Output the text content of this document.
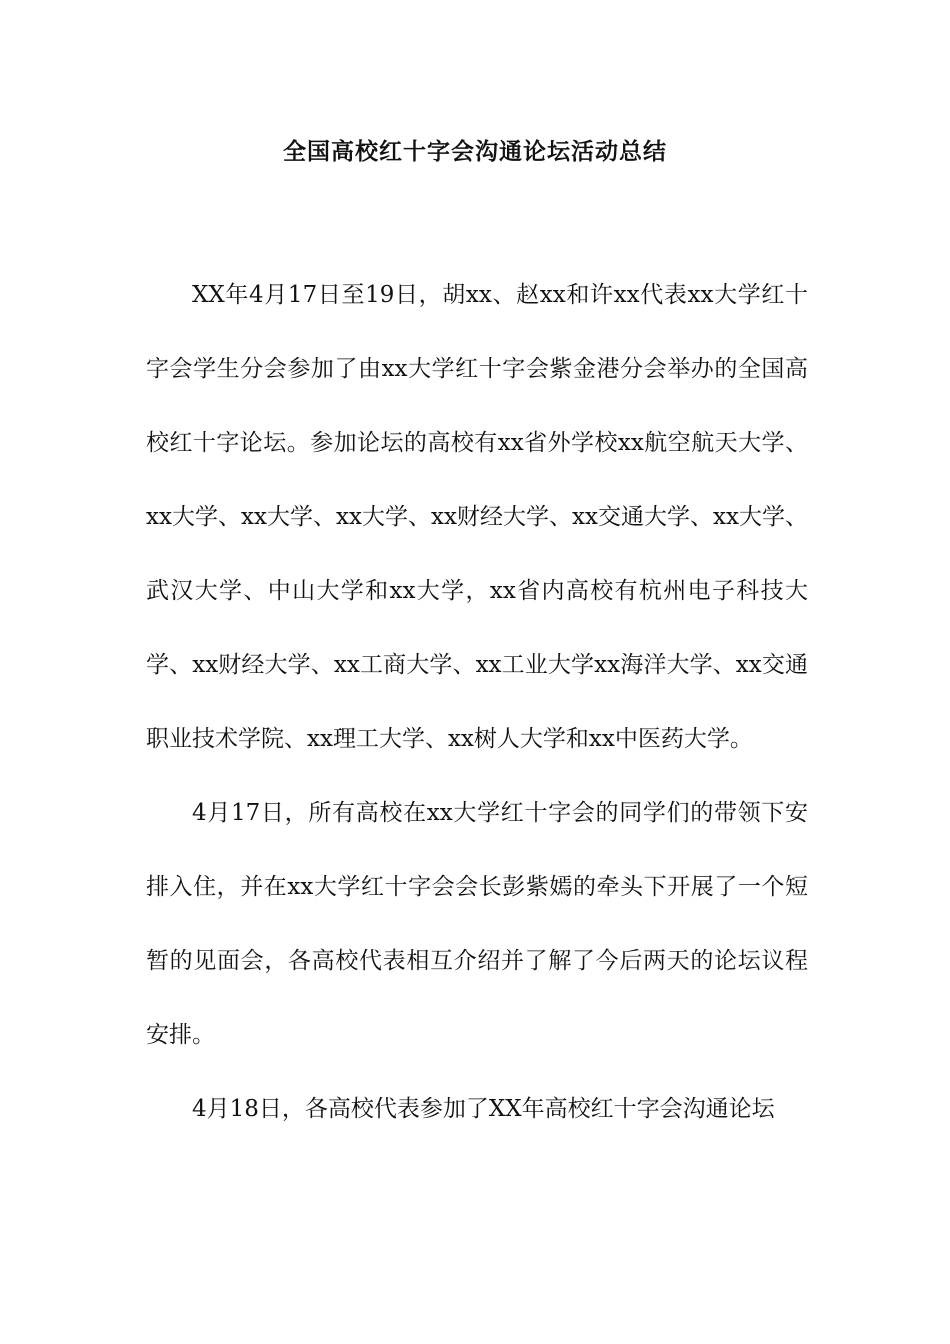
全国高校红十字会沟通论坛活动总结

XX年4月17日至19日，胡xx、赵xx和许xx代表xx大学红十字会学生分会参加了由xx大学红十字会紫金港分会举办的全国高校红十字论坛。参加论坛的高校有xx省外学校xx航空航天大学、xx大学、xx大学、xx大学、xx财经大学、xx交通大学、xx大学、武汉大学、中山大学和xx大学，xx省内高校有杭州电子科技大学、xx财经大学、xx工商大学、xx工业大学xx海洋大学、xx交通职业技术学院、xx理工大学、xx树人大学和xx中医药大学。

4月17日，所有高校在xx大学红十字会的同学们的带领下安排入住，并在xx大学红十字会会长彭紫嫣的牵头下开展了一个短暂的见面会，各高校代表相互介绍并了解了今后两天的论坛议程安排。

4月18日，各高校代表参加了XX年高校红十字会沟通论坛
